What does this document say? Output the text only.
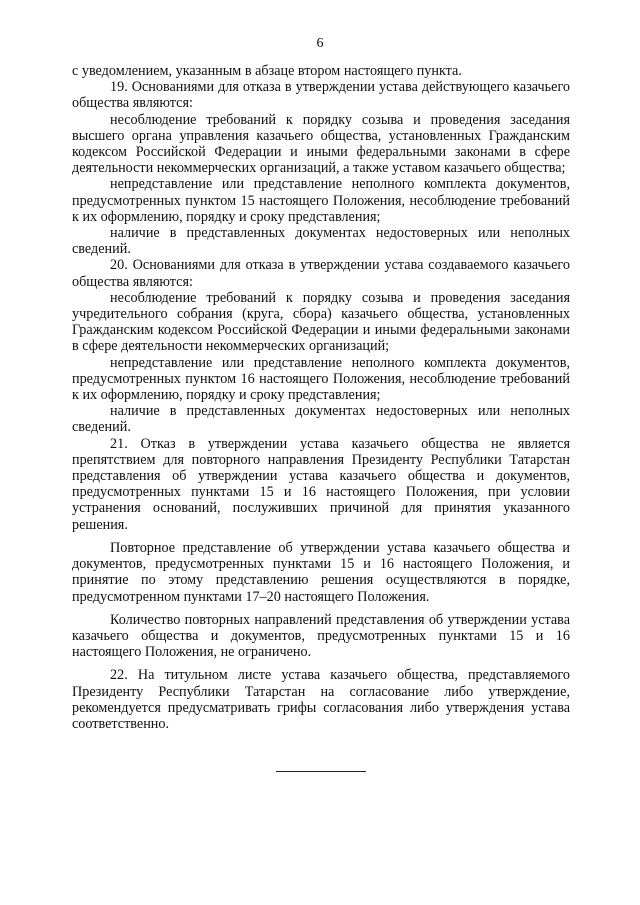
6

с уведомлением, указанным в абзаце втором настоящего пункта.

19. Основаниями для отказа в утверждении устава действующего казачьего общества являются:

несоблюдение требований к порядку созыва и проведения заседания высшего органа управления казачьего общества, установленных Гражданским кодексом Российской Федерации и иными федеральными законами в сфере деятельности некоммерческих организаций, а также уставом казачьего общества;

непредставление или представление неполного комплекта документов, предусмотренных пунктом 15 настоящего Положения, несоблюдение требований к их оформлению, порядку и сроку представления;

наличие в представленных документах недостоверных или неполных сведений.

20. Основаниями для отказа в утверждении устава создаваемого казачьего общества являются:

несоблюдение требований к порядку созыва и проведения заседания учредительного собрания (круга, сбора) казачьего общества, установленных Гражданским кодексом Российской Федерации и иными федеральными законами в сфере деятельности некоммерческих организаций;

непредставление или представление неполного комплекта документов, предусмотренных пунктом 16 настоящего Положения, несоблюдение требований к их оформлению, порядку и сроку представления;

наличие в представленных документах недостоверных или неполных сведений.

21. Отказ в утверждении устава казачьего общества не является препятствием для повторного направления Президенту Республики Татарстан представления об утверждении устава казачьего общества и документов, предусмотренных пунктами 15 и 16 настоящего Положения, при условии устранения оснований, послуживших причиной для принятия указанного решения.

Повторное представление об утверждении устава казачьего общества и документов, предусмотренных пунктами 15 и 16 настоящего Положения, и принятие по этому представлению решения осуществляются в порядке, предусмотренном пунктами 17–20 настоящего Положения.

Количество повторных направлений представления об утверждении устава казачьего общества и документов, предусмотренных пунктами 15 и 16 настоящего Положения, не ограничено.

22. На титульном листе устава казачьего общества, представляемого Президенту Республики Татарстан на согласование либо утверждение, рекомендуется предусматривать грифы согласования либо утверждения устава соответственно.
